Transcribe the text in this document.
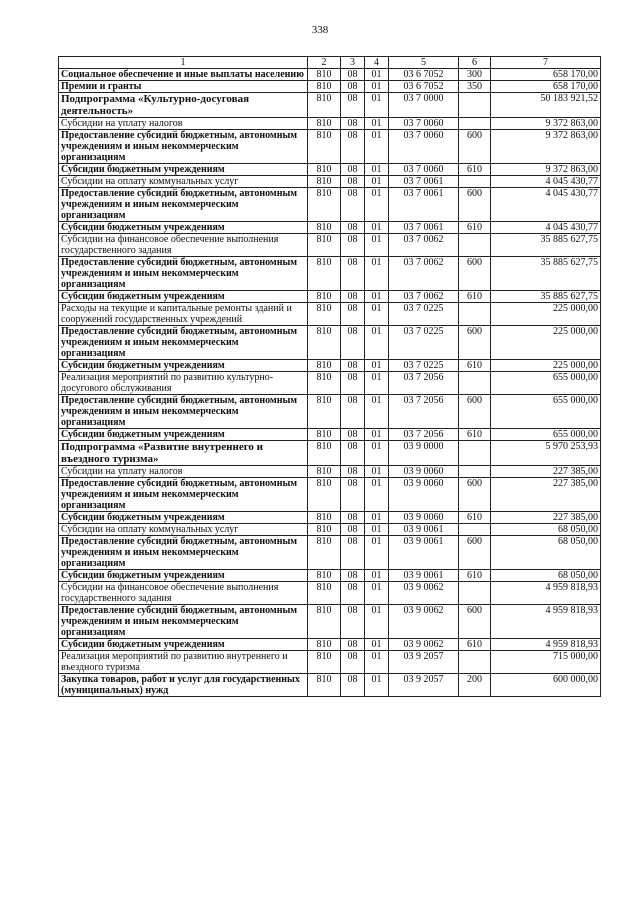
338
1	2	3	4	5	6	7
Социальное обеспечение и иные выплаты населению	810	08	01	03 6 7052	300	658 170,00
Премии и гранты	810	08	01	03 6 7052	350	658 170,00
Подпрограмма «Культурно-досуговая деятельность»	810	08	01	03 7 0000		50 183 921,52
Субсидии на уплату налогов	810	08	01	03 7 0060		9 372 863,00
Предоставление субсидий бюджетным, автономным учреждениям и иным некоммерческим организациям	810	08	01	03 7 0060	600	9 372 863,00
Субсидии бюджетным учреждениям	810	08	01	03 7 0060	610	9 372 863,00
Субсидии на оплату коммунальных услуг	810	08	01	03 7 0061		4 045 430,77
Предоставление субсидий бюджетным, автономным учреждениям и иным некоммерческим организациям	810	08	01	03 7 0061	600	4 045 430,77
Субсидии бюджетным учреждениям	810	08	01	03 7 0061	610	4 045 430,77
Субсидии на финансовое обеспечение выполнения государственного задания	810	08	01	03 7 0062		35 885 627,75
Предоставление субсидий бюджетным, автономным учреждениям и иным некоммерческим организациям	810	08	01	03 7 0062	600	35 885 627,75
Субсидии бюджетным учреждениям	810	08	01	03 7 0062	610	35 885 627,75
Расходы на текущие и капитальные ремонты зданий и сооружений государственных учреждений	810	08	01	03 7 0225		225 000,00
Предоставление субсидий бюджетным, автономным учреждениям и иным некоммерческим организациям	810	08	01	03 7 0225	600	225 000,00
Субсидии бюджетным учреждениям	810	08	01	03 7 0225	610	225 000,00
Реализация мероприятий по развитию культурно-досугового обслуживания	810	08	01	03 7 2056		655 000,00
Предоставление субсидий бюджетным, автономным учреждениям и иным некоммерческим организациям	810	08	01	03 7 2056	600	655 000,00
Субсидии бюджетным учреждениям	810	08	01	03 7 2056	610	655 000,00
Подпрограмма «Развитие внутреннего и въездного туризма»	810	08	01	03 9 0000		5 970 253,93
Субсидии на уплату налогов	810	08	01	03 9 0060		227 385,00
Предоставление субсидий бюджетным, автономным учреждениям и иным некоммерческим организациям	810	08	01	03 9 0060	600	227 385,00
Субсидии бюджетным учреждениям	810	08	01	03 9 0060	610	227 385,00
Субсидии на оплату коммунальных услуг	810	08	01	03 9 0061		68 050,00
Предоставление субсидий бюджетным, автономным учреждениям и иным некоммерческим организациям	810	08	01	03 9 0061	600	68 050,00
Субсидии бюджетным учреждениям	810	08	01	03 9 0061	610	68 050,00
Субсидии на финансовое обеспечение выполнения государственного задания	810	08	01	03 9 0062		4 959 818,93
Предоставление субсидий бюджетным, автономным учреждениям и иным некоммерческим организациям	810	08	01	03 9 0062	600	4 959 818,93
Субсидии бюджетным учреждениям	810	08	01	03 9 0062	610	4 959 818,93
Реализация мероприятий по развитию внутреннего и въездного туризма	810	08	01	03 9 2057		715 000,00
Закупка товаров, работ и услуг для государственных (муниципальных) нужд	810	08	01	03 9 2057	200	600 000,00
